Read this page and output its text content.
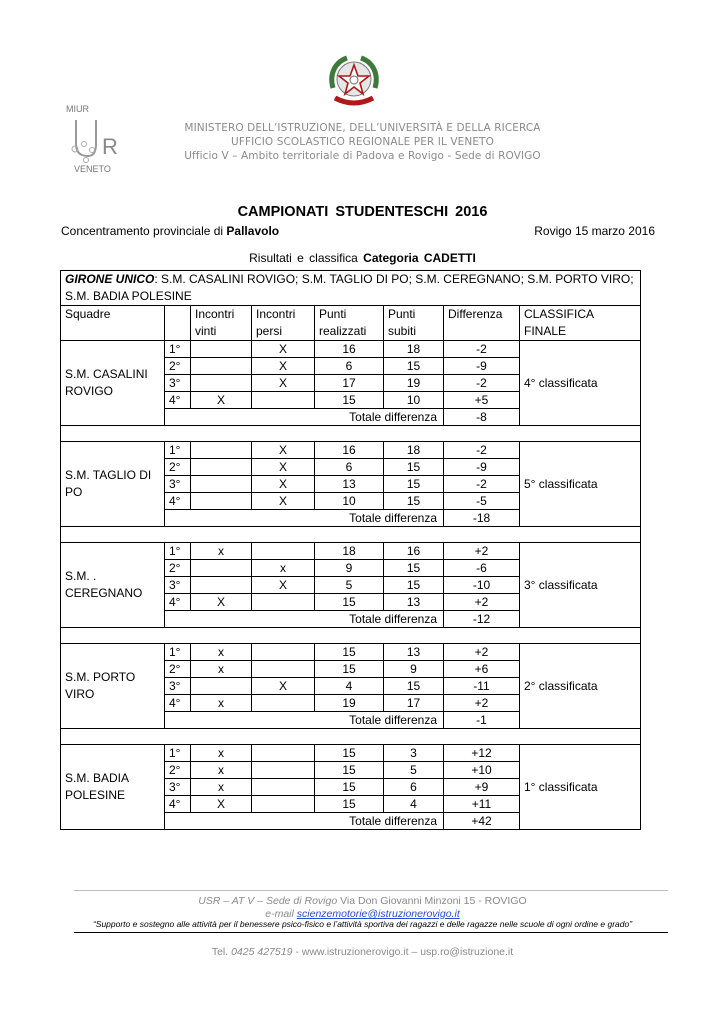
MIUR
R
VENETO
MINISTERO DELL’ISTRUZIONE, DELL’UNIVERSITÀ E DELLA RICERCA
UFFICIO SCOLASTICO REGIONALE PER IL VENETO
Ufficio V – Ambito territoriale di Padova e Rovigo - Sede di ROVIGO
CAMPIONATI STUDENTESCHI 2016
Concentramento provinciale di Pallavolo	Rovigo 15 marzo 2016
Risultati e classifica Categoria CADETTI
GIRONE UNICO: S.M. CASALINI ROVIGO; S.M. TAGLIO DI PO; S.M. CEREGNANO; S.M. PORTO VIRO;
S.M. BADIA POLESINE							
Squadre		Incontri vinti	Incontri persi	Punti realizzati	Punti subiti	Differenza	CLASSIFICA FINALE
S.M. CASALINI ROVIGO	1°		X	16	18	-2	4° classificata
	2°		X	6	15	-9	
	3°		X	17	19	-2	
	4°	X		15	10	+5	
	Totale differenza					-8	

S.M. TAGLIO DI PO	1°		X	16	18	-2	5° classificata
	2°		X	6	15	-9	
	3°		X	13	15	-2	
	4°		X	10	15	-5	
	Totale differenza					-18	

S.M. . CEREGNANO	1°	x		18	16	+2	3° classificata
	2°		x	9	15	-6	
	3°		X	5	15	-10	
	4°	X		15	13	+2	
	Totale differenza					-12	

S.M. PORTO VIRO	1°	x		15	13	+2	2° classificata
	2°	x		15	9	+6	
	3°		X	4	15	-11	
	4°	x		19	17	+2	
	Totale differenza					-1	

S.M. BADIA POLESINE	1°	x		15	3	+12	1° classificata
	2°	x		15	5	+10	
	3°	x		15	6	+9	
	4°	X		15	4	+11	
	Totale differenza					+42	
USR – AT V – Sede di Rovigo Via Don Giovanni Minzoni 15 - ROVIGO
e-mail scienzemotorie@istruzionerovigo.it
“Supporto e sostegno alle attività per il benessere psico-fisico e l’attività sportiva dei ragazzi e delle ragazze nelle scuole di ogni ordine e grado”
Tel. 0425 427519 - www.istruzionerovigo.it – usp.ro@istruzione.it
